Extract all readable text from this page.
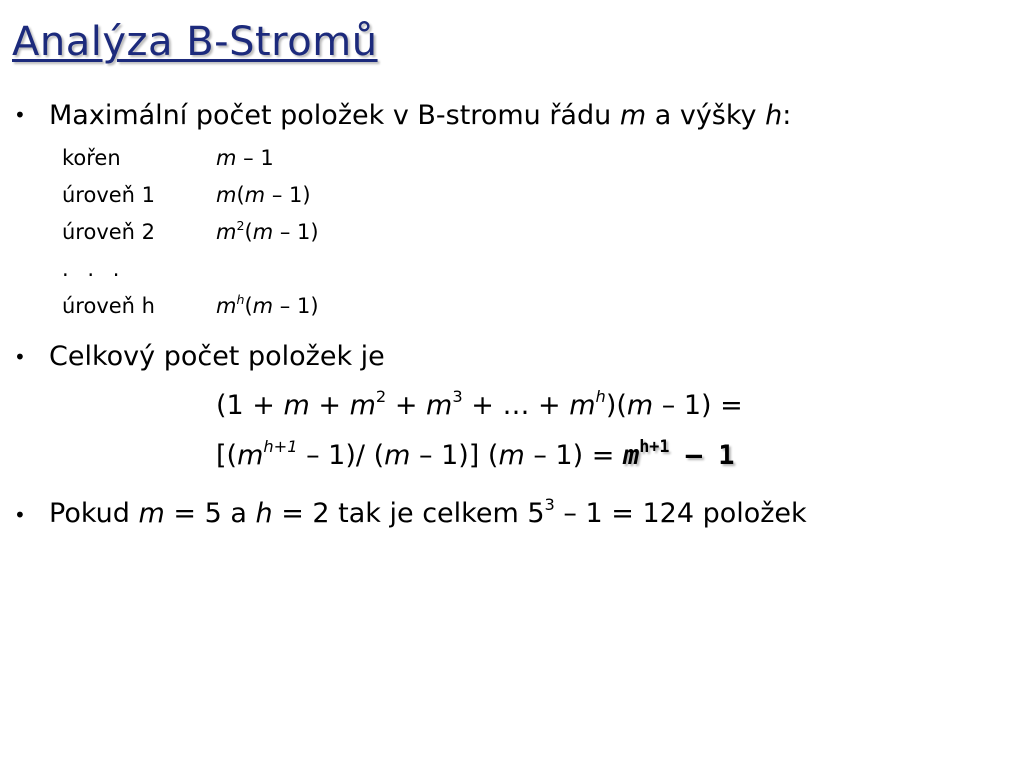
Analýza B-Stromů
• Maximální počet položek v B-stromu řádu m a výšky h:
kořen	m – 1
úroveň 1	m(m – 1)
úroveň 2	$m^2(m - 1)$
. . .
úroveň h	$m^h(m - 1)$
• Celkový počet položek je
($1 + m + m^2 + m^3$ + … + $m^h)(m - 1)$ =
[$(m^{h+1} - 1)/$ (m – 1)] $(m - 1) = m^{h+1} - 1$
• Pokud m = 5 a h = 2 tak je celkem $5^3 - 1 = 124$ položek
